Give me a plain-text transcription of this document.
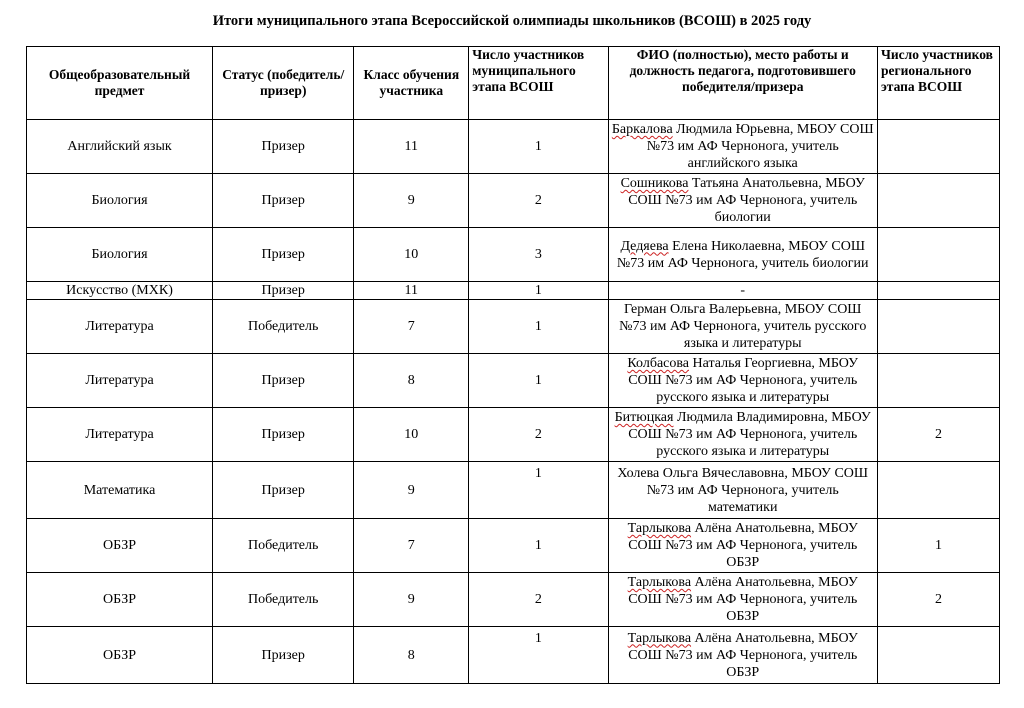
Итоги муниципального этапа Всероссийской олимпиады школьников (ВСОШ) в 2025 году
Общеобразовательный предмет	Статус (победитель/призер)	Класс обучения участника	Число участников муниципального этапа ВСОШ	ФИО (полностью), место работы и должность педагога, подготовившего победителя/призера	Число участников регионального этапа ВСОШ
Английский язык	Призер	11	1	Баркалова Людмила Юрьевна, МБОУ СОШ №73 им АФ Чернонога, учитель английского языка	
Биология	Призер	9	2	Сошникова Татьяна Анатольевна, МБОУ СОШ №73 им АФ Чернонога, учитель биологии	
Биология	Призер	10	3	Дедяева Елена Николаевна, МБОУ СОШ №73 им АФ Чернонога, учитель биологии	
Искусство (МХК)	Призер	11	1	-	
Литература	Победитель	7	1	Герман Ольга Валерьевна, МБОУ СОШ №73 им АФ Чернонога, учитель русского языка и литературы	
Литература	Призер	8	1	Колбасова Наталья Георгиевна, МБОУ СОШ №73 им АФ Чернонога, учитель русского языка и литературы	
Литература	Призер	10	2	Битюцкая Людмила Владимировна, МБОУ СОШ №73 им АФ Чернонога, учитель русского языка и литературы	2
Математика	Призер	9	1	Холева Ольга Вячеславовна, МБОУ СОШ №73 им АФ Чернонога, учитель математики	
ОБЗР	Победитель	7	1	Тарлыкова Алёна Анатольевна, МБОУ СОШ №73 им АФ Чернонога, учитель ОБЗР	1
ОБЗР	Победитель	9	2	Тарлыкова Алёна Анатольевна, МБОУ СОШ №73 им АФ Чернонога, учитель ОБЗР	2
ОБЗР	Призер	8	1	Тарлыкова Алёна Анатольевна, МБОУ СОШ №73 им АФ Чернонога, учитель ОБЗР	
